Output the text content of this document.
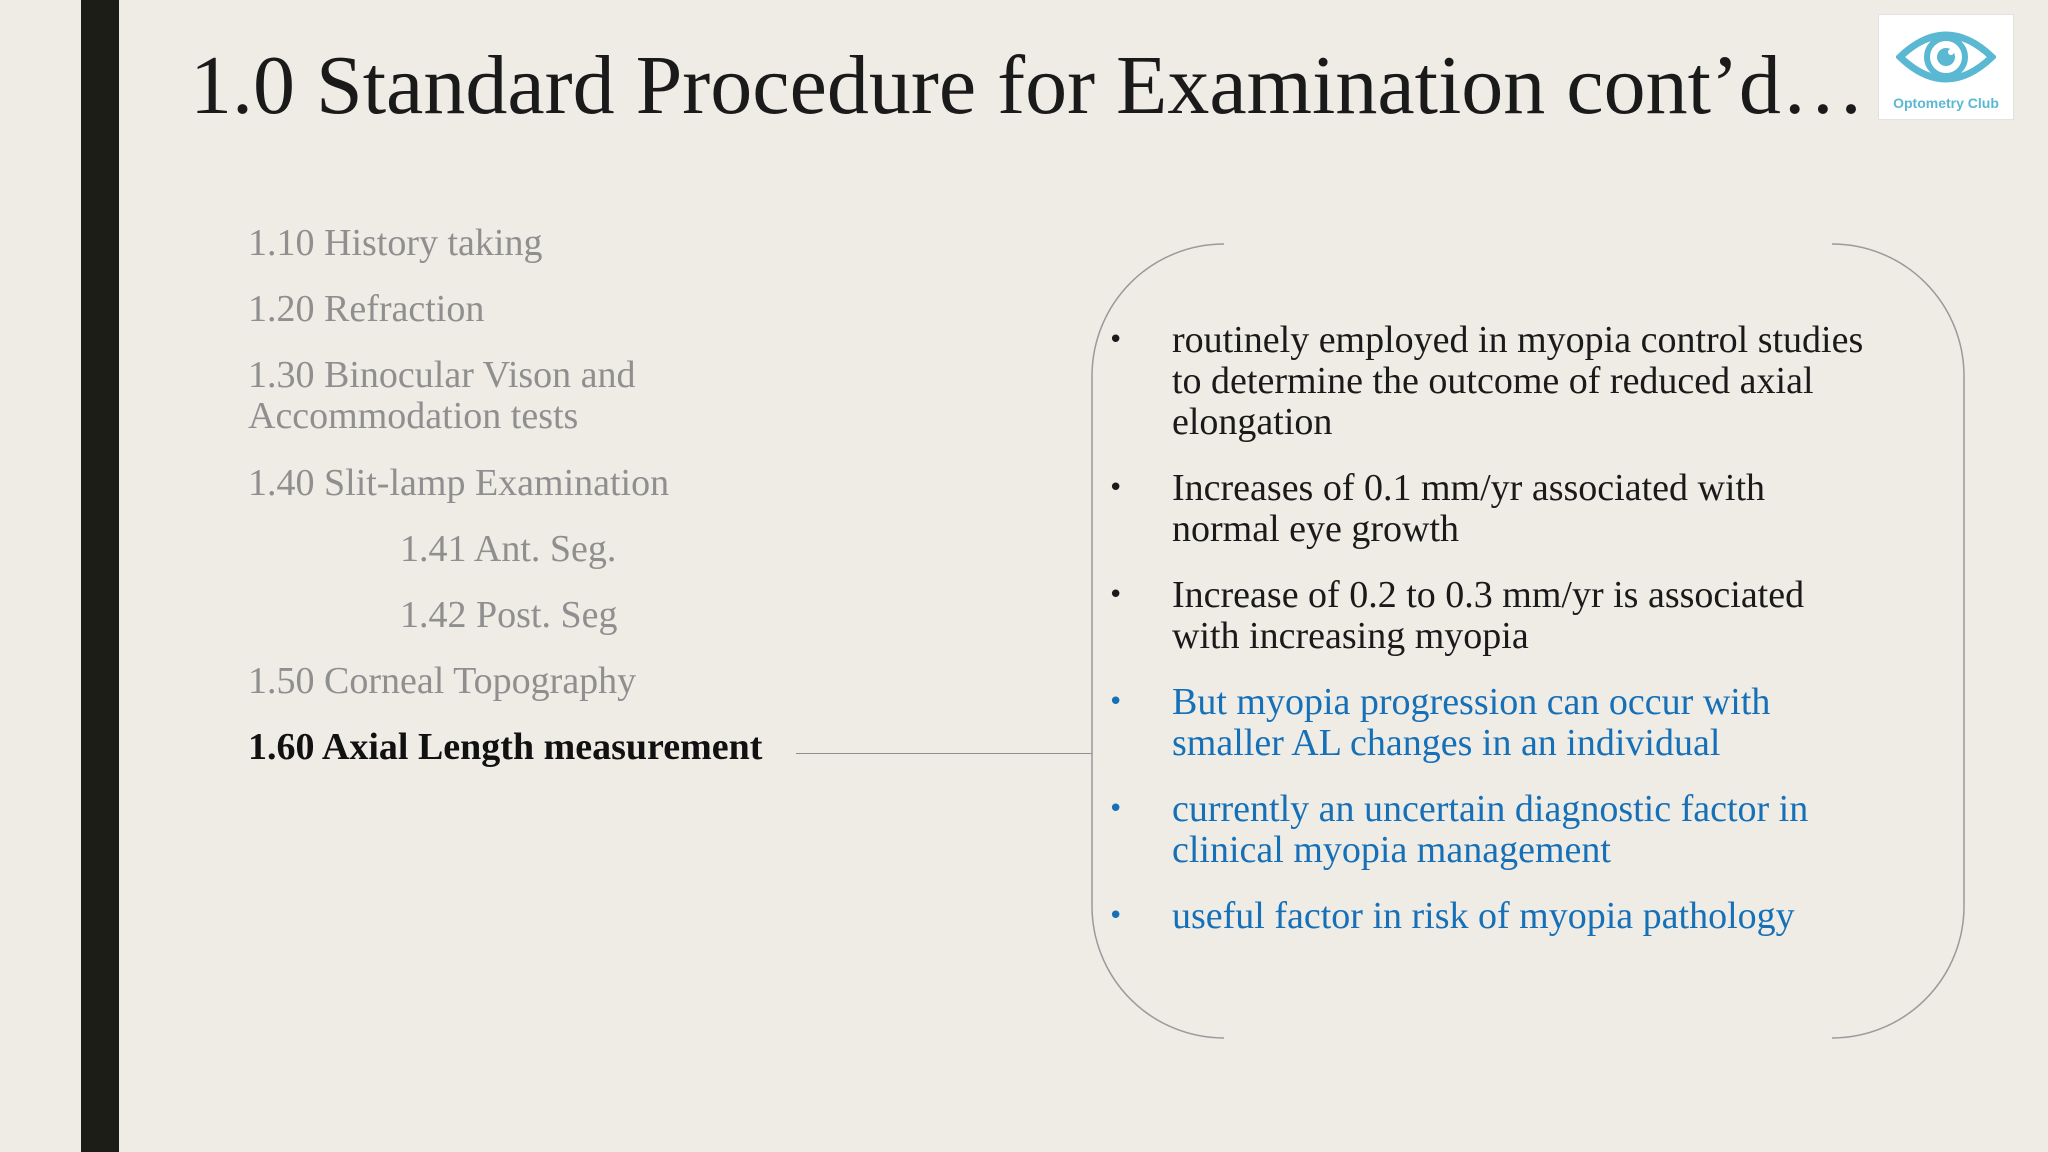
1.0 Standard Procedure for Examination cont’d…	Optometry Club
1.10 History taking
1.20 Refraction
1.30 Binocular Vison and
Accommodation tests
1.40 Slit-lamp Examination
1.41 Ant. Seg.
1.42 Post. Seg
1.50 Corneal Topography
1.60 Axial Length measurement
• routinely employed in myopia control studies to determine the outcome of reduced axial elongation
• Increases of 0.1 mm/yr associated with normal eye growth
• Increase of 0.2 to 0.3 mm/yr is associated with increasing myopia
• But myopia progression can occur with smaller AL changes in an individual
• currently an uncertain diagnostic factor in clinical myopia management
• useful factor in risk of myopia pathology
